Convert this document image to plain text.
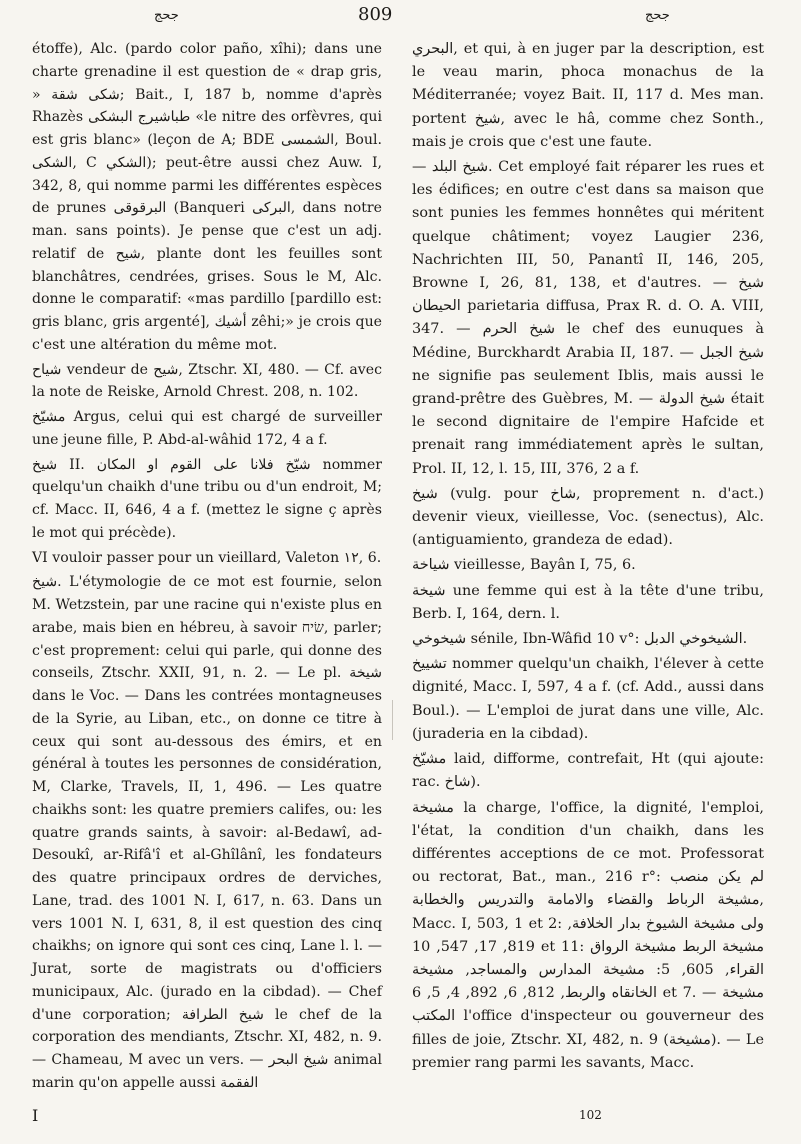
جحج	809	جحج

étoffe), Alc. (pardo color paño, xîhi); dans une charte grenadine il est question de « drap gris, » شكى شقة; Bait., I, 187 b, nomme d'après Rhazès طباشيرج البشكى «le nitre des orfèvres, qui est gris blanc» (leçon de A; BDE الشمسى, Boul. الشكى, C الشكي); peut-être aussi chez Auw. I, 342, 8, qui nomme parmi les différentes espèces de prunes البرقوقى (Banqueri البركى, dans notre man. sans points). Je pense que c'est un adj. relatif de شيح, plante dont les feuilles sont blanchâtres, cendrées, grises. Sous le M, Alc. donne le comparatif: «mas pardillo [pardillo est: gris blanc, gris argenté], أشيك zêhi;» je crois que c'est une altération du même mot.

شياح vendeur de شيح, Ztschr. XI, 480. — Cf. avec la note de Reiske, Arnold Chrest. 208, n. 102.

مشيّخ Argus, celui qui est chargé de surveiller une jeune fille, P. Abd-al-wâhid 172, 4 a f.

شيخ II. شيّخ فلانا على القوم او المكان nommer quelqu'un chaikh d'une tribu ou d'un endroit, M; cf. Macc. II, 646, 4 a f. (mettez le signe ç après le mot qui précède).

VI vouloir passer pour un vieillard, Valeton ١٢, 6.

شيخ. L'étymologie de ce mot est fournie, selon M. Wetzstein, par une racine qui n'existe plus en arabe, mais bien en hébreu, à savoir שׂיח, parler; c'est proprement: celui qui parle, qui donne des conseils, Ztschr. XXII, 91, n. 2. — Le pl. شيخة dans le Voc. — Dans les contrées montagneuses de la Syrie, au Liban, etc., on donne ce titre à ceux qui sont au-dessous des émirs, et en général à toutes les personnes de considération, M, Clarke, Travels, II, 1, 496. — Les quatre chaikhs sont: les quatre premiers califes, ou: les quatre grands saints, à savoir: al-Bedawî, ad-Desoukî, ar-Rifâ'î et al-Ghîlânî, les fondateurs des quatre principaux ordres de derviches, Lane, trad. des 1001 N. I, 617, n. 63. Dans un vers 1001 N. I, 631, 8, il est question des cinq chaikhs; on ignore qui sont ces cinq, Lane l. l. — Jurat, sorte de magistrats ou d'officiers municipaux, Alc. (jurado en la cibdad). — Chef d'une corporation; شيخ الطرافة le chef de la corporation des mendiants, Ztschr. XI, 482, n. 9. — Chameau, M avec un vers. — شيخ البحر animal marin qu'on appelle aussi الفقمة

البحري, et qui, à en juger par la description, est le veau marin, phoca monachus de la Méditerranée; voyez Bait. II, 117 d. Mes man. portent شيخ, avec le hâ, comme chez Sonth., mais je crois que c'est une faute.

— شيخ البلد. Cet employé fait réparer les rues et les édifices; en outre c'est dans sa maison que sont punies les femmes honnêtes qui méritent quelque châtiment; voyez Laugier 236, Nachrichten III, 50, Panantî II, 146, 205, Browne I, 26, 81, 138, et d'autres. — شيخ الحيطان parietaria diffusa, Prax R. d. O. A. VIII, 347. — شيخ الحرم le chef des eunuques à Médine, Burckhardt Arabia II, 187. — شيخ الجبل ne signifie pas seulement Iblis, mais aussi le grand-prêtre des Guèbres, M. — شيخ الدولة était le second dignitaire de l'empire Hafcide et prenait rang immédiatement après le sultan, Prol. II, 12, l. 15, III, 376, 2 a f.

شيخ (vulg. pour شاخ, proprement n. d'act.) devenir vieux, vieillesse, Voc. (senectus), Alc. (antiguamiento, grandeza de edad).

شياخة vieillesse, Bayân I, 75, 6.

شيخة une femme qui est à la tête d'une tribu, Berb. I, 164, dern. l.

شيخوخي sénile, Ibn-Wâfid 10 v°: الشيخوخي الدبل.

تشييخ nommer quelqu'un chaikh, l'élever à cette dignité, Macc. I, 597, 4 a f. (cf. Add., aussi dans Boul.). — L'emploi de jurat dans une ville, Alc. (juraderia en la cibdad).

مشيّخ laid, difforme, contrefait, Ht (qui ajoute: rac. شاخ).

مشيخة la charge, l'office, la dignité, l'emploi, l'état, la condition d'un chaikh, dans les différentes acceptions de ce mot. Professorat ou rectorat, Bat., man., 216 r°: لم يكن منصب مشيخة الرباط والقضاء والامامة والتدريس والخطابة, Macc. I, 503, 1 et 2: ولى مشيخة الشيوخ بدار الخلافة, 819, 17, 547, 10 et 11: مشيخة الربط مشيخة الرواق القراء, 605, 5: مشيخة المدارس والمساجد, مشيخة الخانقاه والربط, 812, 6, 892, 4, 5, 6 et 7. — مشيخة المكتب l'office d'inspecteur ou gouverneur des filles de joie, Ztschr. XI, 482, n. 9 (مشيخة). — Le premier rang parmi les savants, Macc.

I	102
